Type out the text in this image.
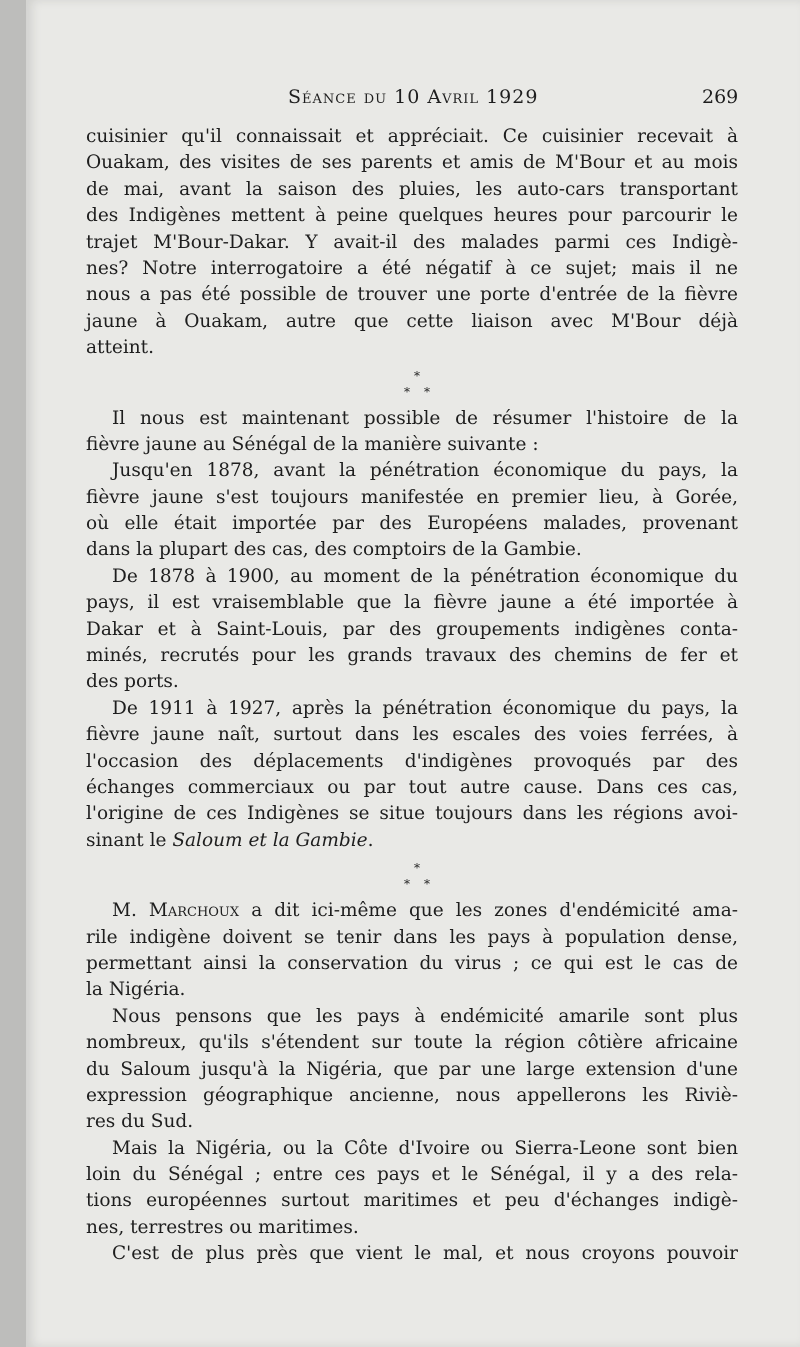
Séance du 10 Avril 1929	269
cuisinier qu'il connaissait et appréciait. Ce cuisinier recevait à
Ouakam, des visites de ses parents et amis de M'Bour et au mois
de mai, avant la saison des pluies, les auto-cars transportant
des Indigènes mettent à peine quelques heures pour parcourir le
trajet M'Bour-Dakar. Y avait-il des malades parmi ces Indigè-
nes? Notre interrogatoire a été négatif à ce sujet; mais il ne
nous a pas été possible de trouver une porte d'entrée de la fièvre
jaune à Ouakam, autre que cette liaison avec M'Bour déjà
atteint.
*
* *
Il nous est maintenant possible de résumer l'histoire de la
fièvre jaune au Sénégal de la manière suivante :
Jusqu'en 1878, avant la pénétration économique du pays, la
fièvre jaune s'est toujours manifestée en premier lieu, à Gorée,
où elle était importée par des Européens malades, provenant
dans la plupart des cas, des comptoirs de la Gambie.
De 1878 à 1900, au moment de la pénétration économique du
pays, il est vraisemblable que la fièvre jaune a été importée à
Dakar et à Saint-Louis, par des groupements indigènes conta-
minés, recrutés pour les grands travaux des chemins de fer et
des ports.
De 1911 à 1927, après la pénétration économique du pays, la
fièvre jaune naît, surtout dans les escales des voies ferrées, à
l'occasion des déplacements d'indigènes provoqués par des
échanges commerciaux ou par tout autre cause. Dans ces cas,
l'origine de ces Indigènes se situe toujours dans les régions avoi-
sinant le Saloum et la Gambie.
*
* *
M. Marchoux a dit ici-même que les zones d'endémicité ama-
rile indigène doivent se tenir dans les pays à population dense,
permettant ainsi la conservation du virus ; ce qui est le cas de
la Nigéria.
Nous pensons que les pays à endémicité amarile sont plus
nombreux, qu'ils s'étendent sur toute la région côtière africaine
du Saloum jusqu'à la Nigéria, que par une large extension d'une
expression géographique ancienne, nous appellerons les Riviè-
res du Sud.
Mais la Nigéria, ou la Côte d'Ivoire ou Sierra-Leone sont bien
loin du Sénégal ; entre ces pays et le Sénégal, il y a des rela-
tions européennes surtout maritimes et peu d'échanges indigè-
nes, terrestres ou maritimes.
C'est de plus près que vient le mal, et nous croyons pouvoir
